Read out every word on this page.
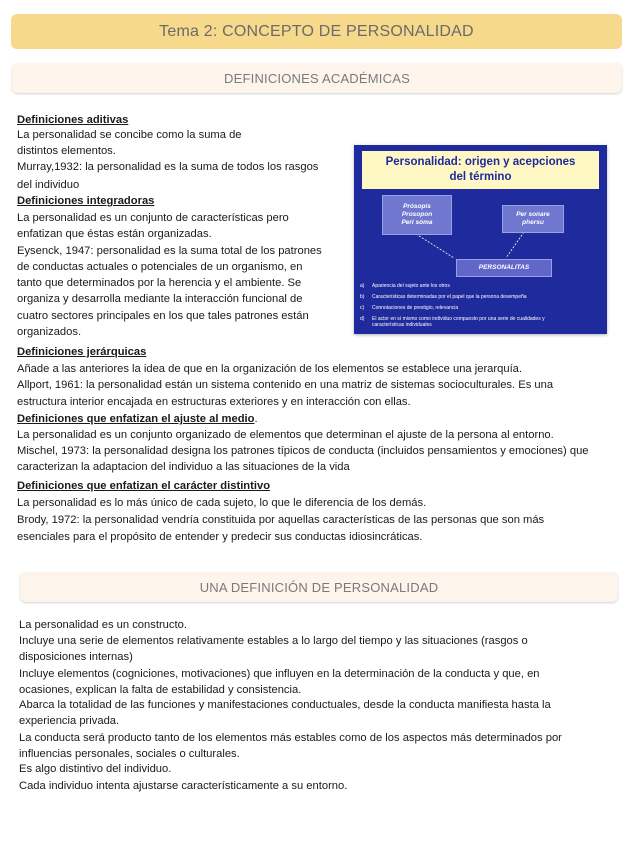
Tema 2: CONCEPTO DE PERSONALIDAD
DEFINICIONES ACADÉMICAS
Definiciones aditivas
La personalidad se concibe como la suma de
distintos elementos.
Murray,1932: la personalidad es la suma de todos los rasgos
del individuo
Definiciones integradoras
La personalidad es un conjunto de características pero
enfatizan que éstas están organizadas.
Eysenck, 1947: personalidad es la suma total de los patrones
de conductas actuales o potenciales de un organismo, en
tanto que determinados por la herencia y el ambiente. Se
organiza y desarrolla mediante la interacción funcional de
cuatro sectores principales en los que tales patrones están
organizados.
Definiciones jerárquicas
Añade a las anteriores la idea de que en la organización de los elementos se establece una jerarquía.
Allport, 1961: la personalidad están un sistema contenido en una matriz de sistemas socioculturales. Es una
estructura interior encajada en estructuras exteriores y en interacción con ellas.
Definiciones que enfatizan el ajuste al medio.
La personalidad es un conjunto organizado de elementos que determinan el ajuste de la persona al entorno.
Mischel, 1973: la personalidad designa los patrones típicos de conducta (incluidos pensamientos y emociones) que
caracterizan la adaptacion del individuo a las situaciones de la vida
Definiciones que enfatizan el carácter distintivo
La personalidad es lo más único de cada sujeto, lo que le diferencia de los demás.
Brody, 1972: la personalidad vendría constituida por aquellas características de las personas que son más
esenciales para el propósito de entender y predecir sus conductas idiosincráticas.
Personalidad: origen y acepciones
del término
Prósopis
Prosopon
Peri sóma
Per sonare
phersu
PERSONALITAS
a) Apariencia del sujeto ante los otros
b) Características determinadas por el papel que la persona desempeña
c) Connotaciones de prestigio, relevancia
d) El actor en sí mismo como individuo compuesto por una serie de cualidades y
características individuales
UNA DEFINICIÓN DE PERSONALIDAD
La personalidad es un constructo.
Incluye una serie de elementos relativamente estables a lo largo del tiempo y las situaciones (rasgos o
disposiciones internas)
Incluye elementos (cogniciones, motivaciones) que influyen en la determinación de la conducta y que, en
ocasiones, explican la falta de estabilidad y consistencia.
Abarca la totalidad de las funciones y manifestaciones conductuales, desde la conducta manifiesta hasta la
experiencia privada.
La conducta será producto tanto de los elementos más estables como de los aspectos más determinados por
influencias personales, sociales o culturales.
Es algo distintivo del individuo.
Cada individuo intenta ajustarse característicamente a su entorno.
